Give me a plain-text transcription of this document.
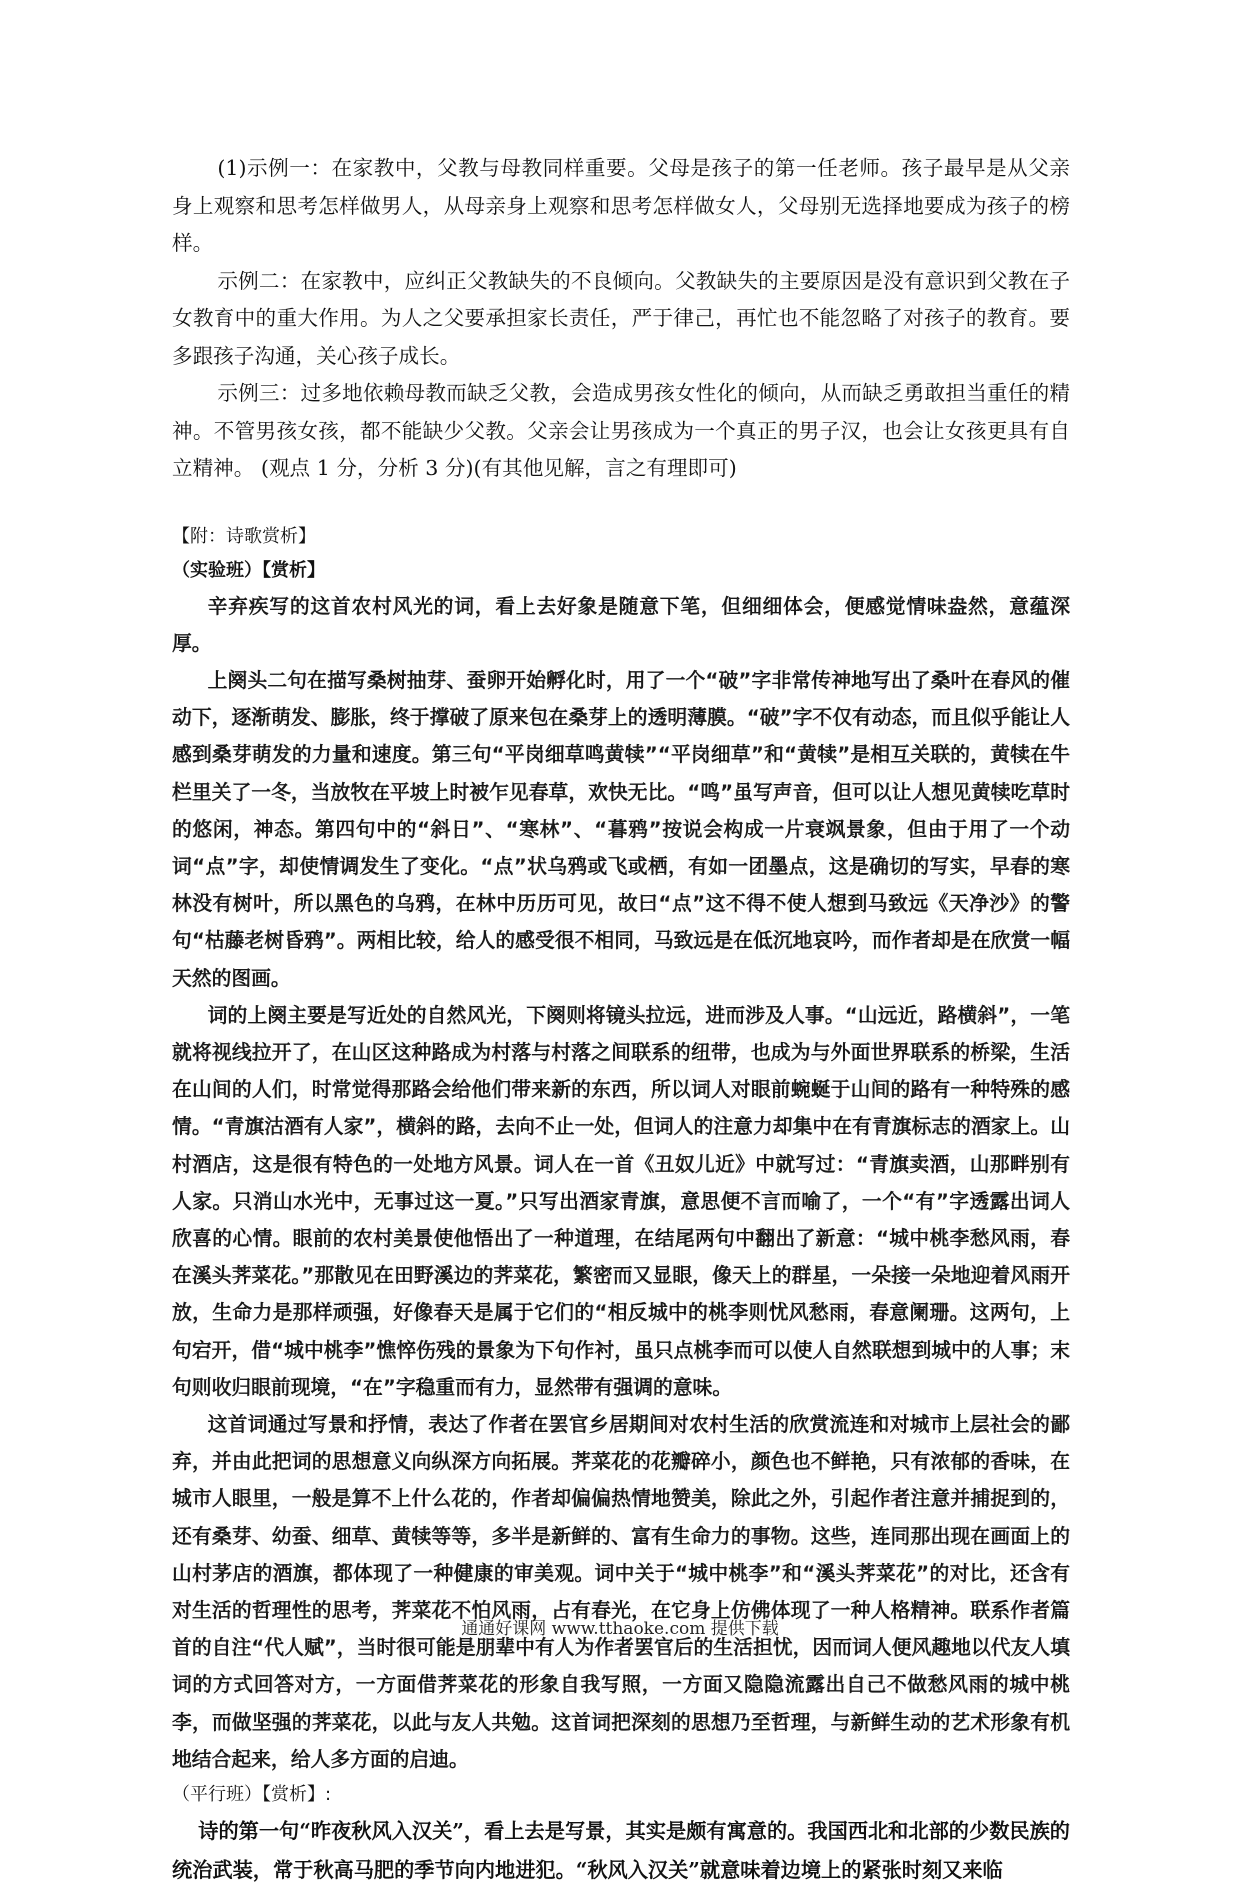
(1)示例一：在家教中，父教与母教同样重要。父母是孩子的第一任老师。孩子最早是从父亲身上观察和思考怎样做男人，从母亲身上观察和思考怎样做女人，父母别无选择地要成为孩子的榜样。

示例二：在家教中，应纠正父教缺失的不良倾向。父教缺失的主要原因是没有意识到父教在子女教育中的重大作用。为人之父要承担家长责任，严于律己，再忙也不能忽略了对孩子的教育。要多跟孩子沟通，关心孩子成长。

示例三：过多地依赖母教而缺乏父教，会造成男孩女性化的倾向，从而缺乏勇敢担当重任的精神。不管男孩女孩，都不能缺少父教。父亲会让男孩成为一个真正的男子汉，也会让女孩更具有自立精神。 (观点 1 分，分析 3 分)(有其他见解，言之有理即可)

【附：诗歌赏析】

（实验班）【赏析】

辛弃疾写的这首农村风光的词，看上去好象是随意下笔，但细细体会，便感觉情味盎然，意蕴深厚。

上阕头二句在描写桑树抽芽、蚕卵开始孵化时，用了一个“破”字非常传神地写出了桑叶在春风的催动下，逐渐萌发、膨胀，终于撑破了原来包在桑芽上的透明薄膜。“破”字不仅有动态，而且似乎能让人感到桑芽萌发的力量和速度。第三句“平岗细草鸣黄犊”“平岗细草”和“黄犊”是相互关联的，黄犊在牛栏里关了一冬，当放牧在平坡上时被乍见春草，欢快无比。“鸣”虽写声音，但可以让人想见黄犊吃草时的悠闲，神态。第四句中的“斜日”、“寒林”、“暮鸦”按说会构成一片衰飒景象，但由于用了一个动词“点”字，却使情调发生了变化。“点”状乌鸦或飞或栖，有如一团墨点，这是确切的写实，早春的寒林没有树叶，所以黑色的乌鸦，在林中历历可见，故曰“点”这不得不使人想到马致远《天净沙》的警句“枯藤老树昏鸦”。两相比较，给人的感受很不相同，马致远是在低沉地哀吟，而作者却是在欣赏一幅天然的图画。

词的上阕主要是写近处的自然风光，下阕则将镜头拉远，进而涉及人事。“山远近，路横斜”，一笔就将视线拉开了，在山区这种路成为村落与村落之间联系的纽带，也成为与外面世界联系的桥梁，生活在山间的人们，时常觉得那路会给他们带来新的东西，所以词人对眼前蜿蜒于山间的路有一种特殊的感情。“青旗沽酒有人家”，横斜的路，去向不止一处，但词人的注意力却集中在有青旗标志的酒家上。山村酒店，这是很有特色的一处地方风景。词人在一首《丑奴儿近》中就写过：“青旗卖酒，山那畔别有人家。只消山水光中，无事过这一夏。”只写出酒家青旗，意思便不言而喻了，一个“有”字透露出词人欣喜的心情。眼前的农村美景使他悟出了一种道理，在结尾两句中翻出了新意：“城中桃李愁风雨，春在溪头荠菜花。”那散见在田野溪边的荠菜花，繁密而又显眼，像天上的群星，一朵接一朵地迎着风雨开放，生命力是那样顽强，好像春天是属于它们的“相反城中的桃李则忧风愁雨，春意阑珊。这两句，上句宕开，借“城中桃李”憔悴伤残的景象为下句作衬，虽只点桃李而可以使人自然联想到城中的人事；末句则收归眼前现境，“在”字稳重而有力，显然带有强调的意味。

这首词通过写景和抒情，表达了作者在罢官乡居期间对农村生活的欣赏流连和对城市上层社会的鄙弃，并由此把词的思想意义向纵深方向拓展。荠菜花的花瓣碎小，颜色也不鲜艳，只有浓郁的香味，在城市人眼里，一般是算不上什么花的，作者却偏偏热情地赞美，除此之外，引起作者注意并捕捉到的，还有桑芽、幼蚕、细草、黄犊等等，多半是新鲜的、富有生命力的事物。这些，连同那出现在画面上的山村茅店的酒旗，都体现了一种健康的审美观。词中关于“城中桃李”和“溪头荠菜花”的对比，还含有对生活的哲理性的思考，荠菜花不怕风雨，占有春光，在它身上仿佛体现了一种人格精神。联系作者篇首的自注“代人赋”，当时很可能是朋辈中有人为作者罢官后的生活担忧，因而词人便风趣地以代友人填词的方式回答对方，一方面借荠菜花的形象自我写照，一方面又隐隐流露出自己不做愁风雨的城中桃李，而做坚强的荠菜花，以此与友人共勉。这首词把深刻的思想乃至哲理，与新鲜生动的艺术形象有机地结合起来，给人多方面的启迪。

（平行班）【赏析】:

诗的第一句“昨夜秋风入汉关”，看上去是写景，其实是颇有寓意的。我国西北和北部的少数民族的统治武装，常于秋高马肥的季节向内地进犯。“秋风入汉关”就意味着边境上的紧张时刻又来临

通通好课网 www.tthaoke.com 提供下载
